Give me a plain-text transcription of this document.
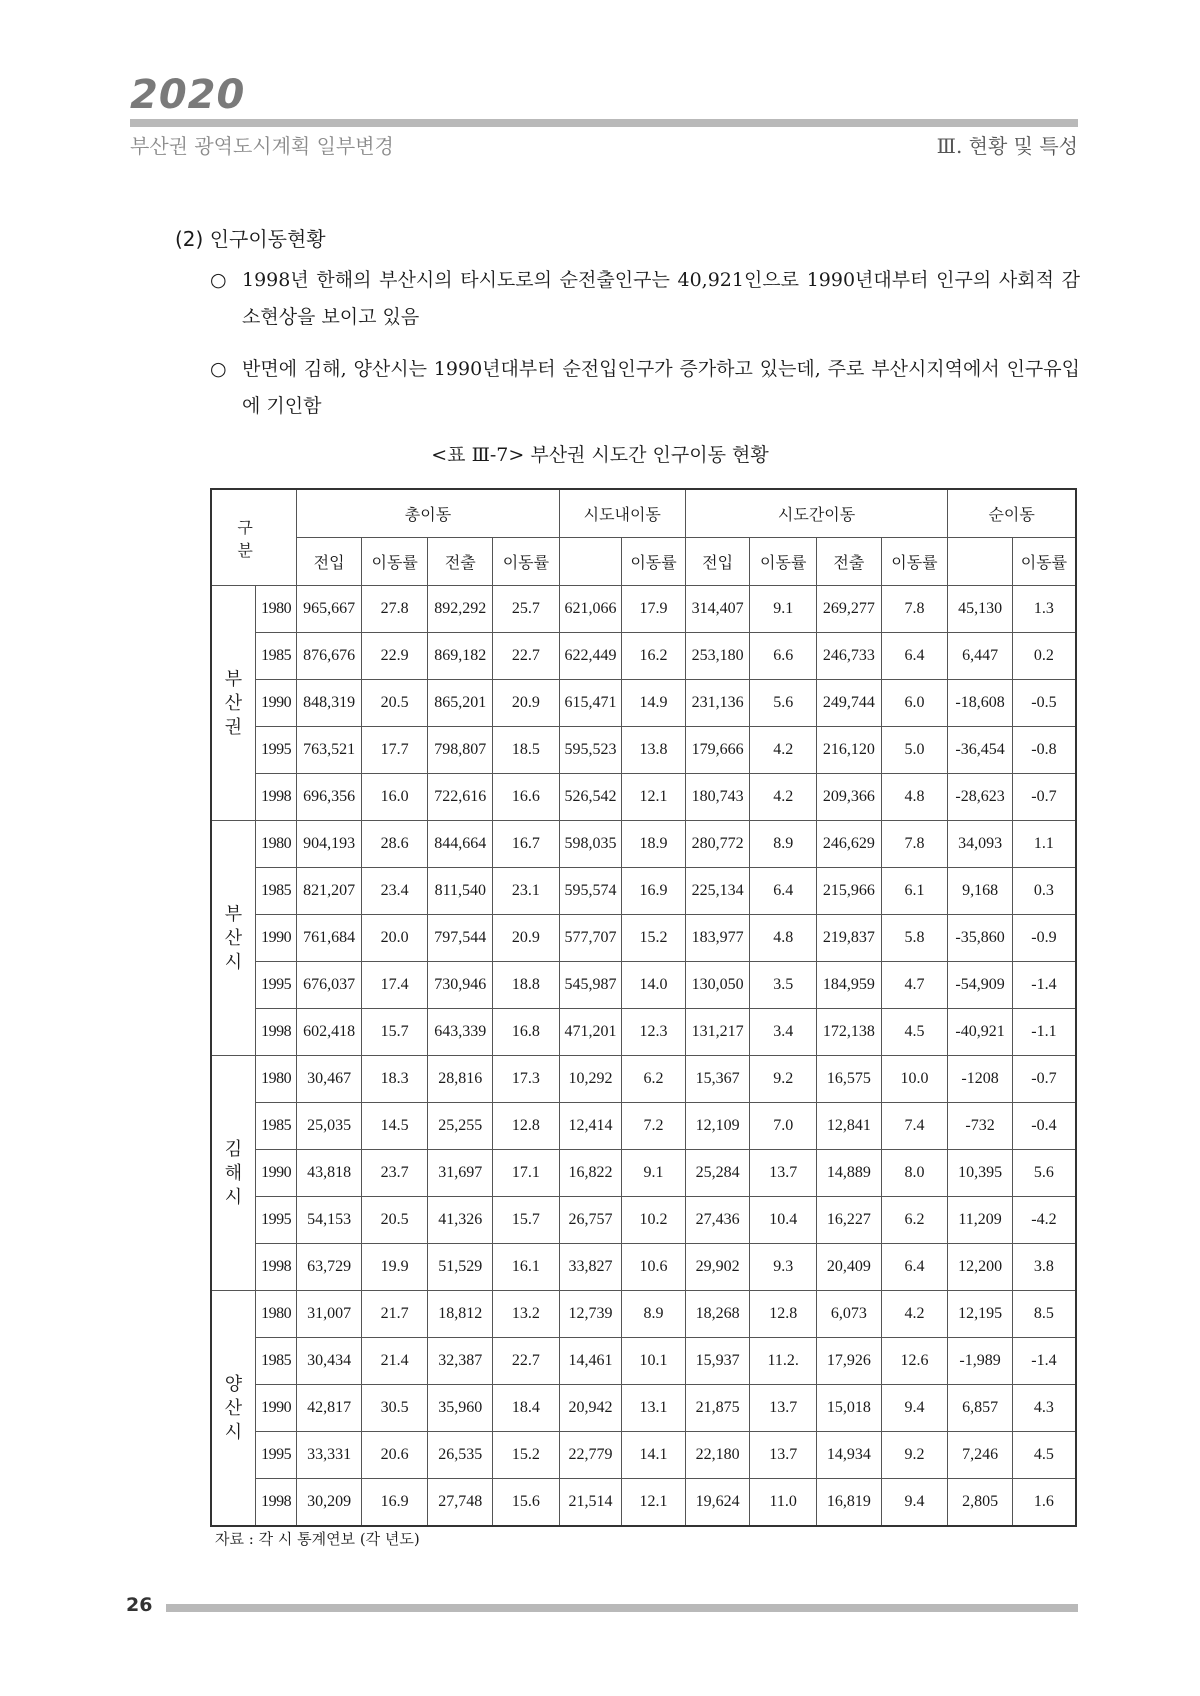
2020
부산권 광역도시계획 일부변경	Ⅲ. 현황 및 특성
(2) 인구이동현황
○ 1998년 한해의 부산시의 타시도로의 순전출인구는 40,921인으로 1990년대부터 인구의 사회적 감소현상을 보이고 있음
○ 반면에 김해, 양산시는 1990년대부터 순전입인구가 증가하고 있는데, 주로 부산시지역에서 인구유입에 기인함
<표 Ⅲ-7> 부산권 시도간 인구이동 현황
구 분		총이동				시도내이동		시도간이동				순이동	
		전입	이동률	전출	이동률		이동률	전입	이동률	전출	이동률		이동률
부
산
권	1980	965,667	27.8	892,292	25.7	621,066	17.9	314,407	9.1	269,277	7.8	45,130	1.3
	1985	876,676	22.9	869,182	22.7	622,449	16.2	253,180	6.6	246,733	6.4	6,447	0.2
	1990	848,319	20.5	865,201	20.9	615,471	14.9	231,136	5.6	249,744	6.0	-18,608	-0.5
	1995	763,521	17.7	798,807	18.5	595,523	13.8	179,666	4.2	216,120	5.0	-36,454	-0.8
	1998	696,356	16.0	722,616	16.6	526,542	12.1	180,743	4.2	209,366	4.8	-28,623	-0.7
부
산
시	1980	904,193	28.6	844,664	16.7	598,035	18.9	280,772	8.9	246,629	7.8	34,093	1.1
	1985	821,207	23.4	811,540	23.1	595,574	16.9	225,134	6.4	215,966	6.1	9,168	0.3
	1990	761,684	20.0	797,544	20.9	577,707	15.2	183,977	4.8	219,837	5.8	-35,860	-0.9
	1995	676,037	17.4	730,946	18.8	545,987	14.0	130,050	3.5	184,959	4.7	-54,909	-1.4
	1998	602,418	15.7	643,339	16.8	471,201	12.3	131,217	3.4	172,138	4.5	-40,921	-1.1
김
해
시	1980	30,467	18.3	28,816	17.3	10,292	6.2	15,367	9.2	16,575	10.0	-1208	-0.7
	1985	25,035	14.5	25,255	12.8	12,414	7.2	12,109	7.0	12,841	7.4	-732	-0.4
	1990	43,818	23.7	31,697	17.1	16,822	9.1	25,284	13.7	14,889	8.0	10,395	5.6
	1995	54,153	20.5	41,326	15.7	26,757	10.2	27,436	10.4	16,227	6.2	11,209	-4.2
	1998	63,729	19.9	51,529	16.1	33,827	10.6	29,902	9.3	20,409	6.4	12,200	3.8
양
산
시	1980	31,007	21.7	18,812	13.2	12,739	8.9	18,268	12.8	6,073	4.2	12,195	8.5
	1985	30,434	21.4	32,387	22.7	14,461	10.1	15,937	11.2.	17,926	12.6	-1,989	-1.4
	1990	42,817	30.5	35,960	18.4	20,942	13.1	21,875	13.7	15,018	9.4	6,857	4.3
	1995	33,331	20.6	26,535	15.2	22,779	14.1	22,180	13.7	14,934	9.2	7,246	4.5
	1998	30,209	16.9	27,748	15.6	21,514	12.1	19,624	11.0	16,819	9.4	2,805	1.6
자료 : 각 시 통계연보 (각 년도)
26
